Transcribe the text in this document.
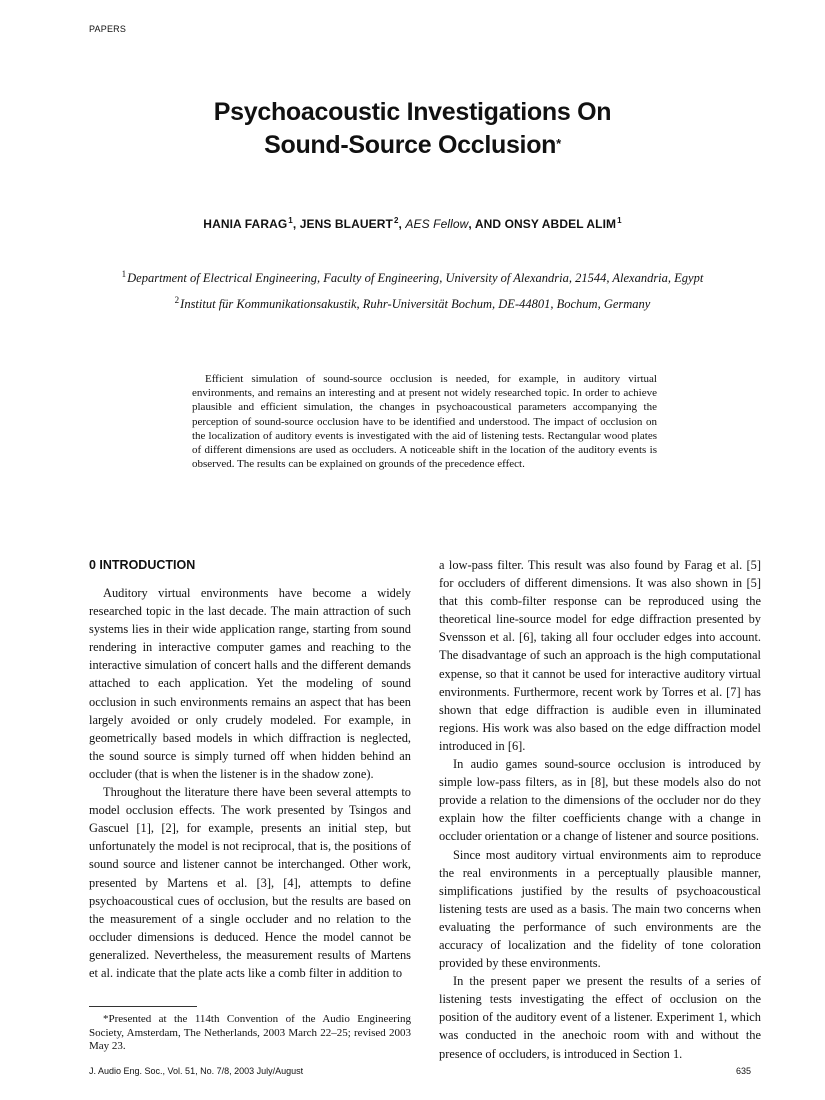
PAPERS
Psychoacoustic Investigations On
Sound-Source Occlusion*
HANIA FARAG$^1$, JENS BLAUERT$^2$, AES Fellow, AND ONSY ABDEL ALIM$^1$
$^1$Department of Electrical Engineering, Faculty of Engineering, University of Alexandria, 21544, Alexandria, Egypt
$^2$Institut für Kommunikationsakustik, Ruhr-Universität Bochum, DE-44801, Bochum, Germany
Efficient simulation of sound-source occlusion is needed, for example, in auditory virtual environments, and remains an interesting and at present not widely researched topic. In order to achieve plausible and efficient simulation, the changes in psychoacoustical parameters accompanying the perception of sound-source occlusion have to be identified and understood. The impact of occlusion on the localization of auditory events is investigated with the aid of listening tests. Rectangular wood plates of different dimensions are used as occluders. A noticeable shift in the location of the auditory events is observed. The results can be explained on grounds of the precedence effect.
0 INTRODUCTION

Auditory virtual environments have become a widely researched topic in the last decade. The main attraction of such systems lies in their wide application range, starting from sound rendering in interactive computer games and reaching to the interactive simulation of concert halls and the different demands attached to each application. Yet the modeling of sound occlusion in such environments remains an aspect that has been largely avoided or only crudely modeled. For example, in geometrically based models in which diffraction is neglected, the sound source is simply turned off when hidden behind an occluder (that is when the listener is in the shadow zone).

Throughout the literature there have been several attempts to model occlusion effects. The work presented by Tsingos and Gascuel [1], [2], for example, presents an initial step, but unfortunately the model is not reciprocal, that is, the positions of sound source and listener cannot be interchanged. Other work, presented by Martens et al. [3], [4], attempts to define psychoacoustical cues of occlusion, but the results are based on the measurement of a single occluder and no relation to the occluder dimensions is deduced. Hence the model cannot be generalized. Nevertheless, the measurement results of Martens et al. indicate that the plate acts like a comb filter in addition to

a low-pass filter. This result was also found by Farag et al. [5] for occluders of different dimensions. It was also shown in [5] that this comb-filter response can be reproduced using the theoretical line-source model for edge diffraction presented by Svensson et al. [6], taking all four occluder edges into account. The disadvantage of such an approach is the high computational expense, so that it cannot be used for interactive auditory virtual environments. Furthermore, recent work by Torres et al. [7] has shown that edge diffraction is audible even in illuminated regions. His work was also based on the edge diffraction model introduced in [6].

In audio games sound-source occlusion is introduced by simple low-pass filters, as in [8], but these models also do not provide a relation to the dimensions of the occluder nor do they explain how the filter coefficients change with a change in occluder orientation or a change of listener and source positions.

Since most auditory virtual environments aim to reproduce the real environments in a perceptually plausible manner, simplifications justified by the results of psychoacoustical listening tests are used as a basis. The main two concerns when evaluating the performance of such environments are the accuracy of localization and the fidelity of tone coloration provided by these environments.

In the present paper we present the results of a series of listening tests investigating the effect of occlusion on the position of the auditory event of a listener. Experiment 1, which was conducted in the anechoic room with and without the presence of occluders, is introduced in Section 1.

*Presented at the 114th Convention of the Audio Engineering Society, Amsterdam, The Netherlands, 2003 March 22–25; revised 2003 May 23.
J. Audio Eng. Soc., Vol. 51, No. 7/8, 2003 July/August	635
